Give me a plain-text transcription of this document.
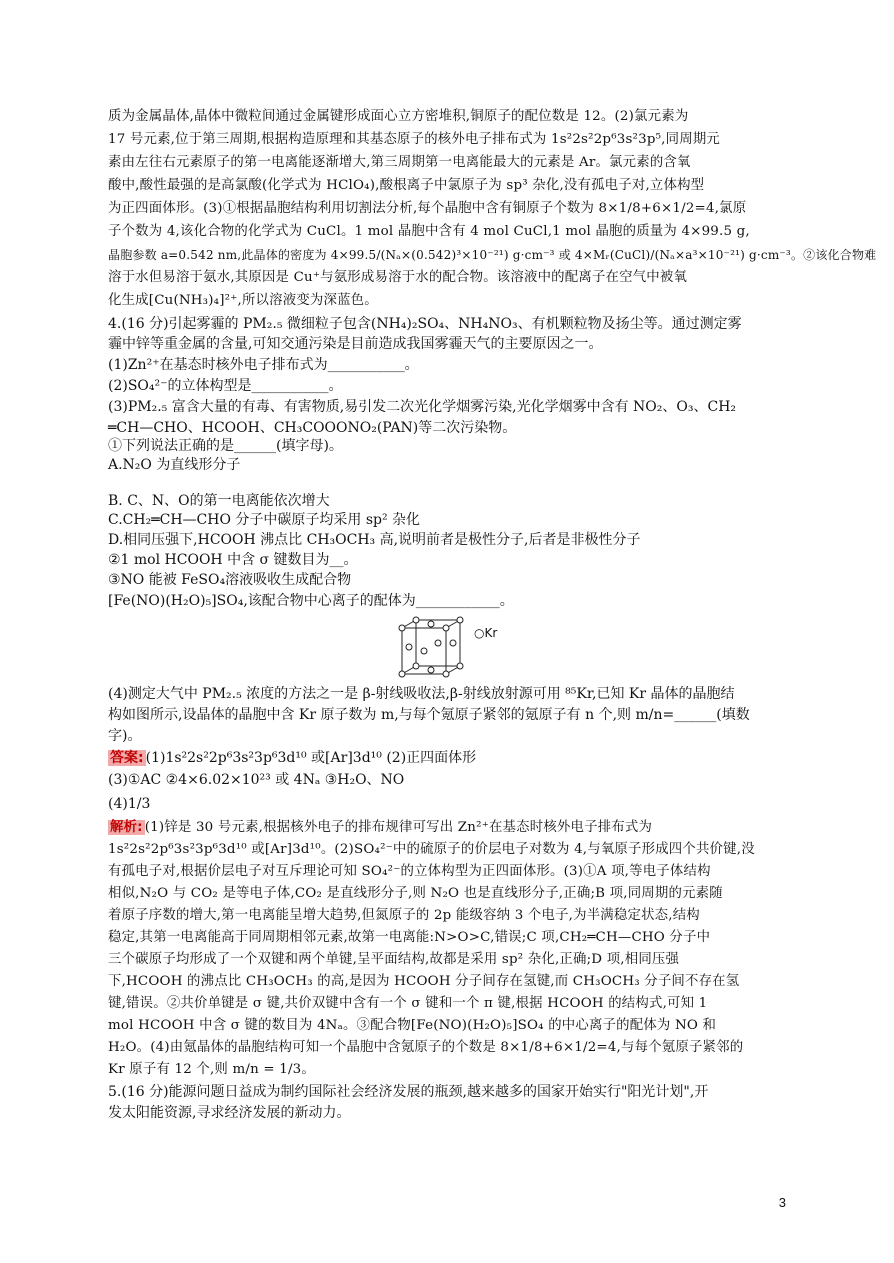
质为金属晶体,晶体中微粒间通过金属键形成面心立方密堆积,铜原子的配位数是 12。(2)氯元素为
17 号元素,位于第三周期,根据构造原理和其基态原子的核外电子排布式为 1s²2s²2p⁶3s²3p⁵,同周期元
素由左往右元素原子的第一电离能逐渐增大,第三周期第一电离能最大的元素是 Ar。氯元素的含氧
酸中,酸性最强的是高氯酸(化学式为 HClO₄),酸根离子中氯原子为 sp³ 杂化,没有孤电子对,立体构型
为正四面体形。(3)①根据晶胞结构利用切割法分析,每个晶胞中含有铜原子个数为 8×1/8+6×1/2=4,氯原
子个数为 4,该化合物的化学式为 CuCl。1 mol 晶胞中含有 4 mol CuCl,1 mol 晶胞的质量为 4×99.5 g,
晶胞参数 a=0.542 nm,此晶体的密度为 4×99.5/(Nₐ×(0.542)³×10⁻²¹) g·cm⁻³ 或 4×Mᵣ(CuCl)/(Nₐ×a³×10⁻²¹) g·cm⁻³。②该化合物难
溶于水但易溶于氨水,其原因是 Cu⁺与氨形成易溶于水的配合物。该溶液中的配离子在空气中被氧
化生成[Cu(NH₃)₄]²⁺,所以溶液变为深蓝色。
4.(16 分)引起雾霾的 PM₂.₅ 微细粒子包含(NH₄)₂SO₄、NH₄NO₃、有机颗粒物及扬尘等。通过测定雾
霾中锌等重金属的含量,可知交通污染是目前造成我国雾霾天气的主要原因之一。
(1)Zn²⁺在基态时核外电子排布式为___________。
(2)SO₄²⁻的立体构型是___________。
(3)PM₂.₅ 富含大量的有毒、有害物质,易引发二次光化学烟雾污染,光化学烟雾中含有 NO₂、O₃、CH₂
═CH—CHO、HCOOH、CH₃COOONO₂(PAN)等二次污染物。
①下列说法正确的是______(填字母)。
A.N₂O 为直线形分子
B. C、N、O的第一电离能依次增大
C.CH₂═CH—CHO 分子中碳原子均采用 sp² 杂化
D.相同压强下,HCOOH 沸点比 CH₃OCH₃ 高,说明前者是极性分子,后者是非极性分子
②1 mol HCOOH 中含 σ 键数目为__。
③NO 能被 FeSO₄溶液吸收生成配合物
[Fe(NO)(H₂O)₅]SO₄,该配合物中心离子的配体为____________。
○Kr
(4)测定大气中 PM₂.₅ 浓度的方法之一是 β-射线吸收法,β-射线放射源可用 ⁸⁵Kr,已知 Kr 晶体的晶胞结
构如图所示,设晶体的晶胞中含 Kr 原子数为 m,与每个氪原子紧邻的氪原子有 n 个,则 m/n=______(填数
字)。
答案: (1)1s²2s²2p⁶3s²3p⁶3d¹⁰ 或[Ar]3d¹⁰ (2)正四面体形
(3)①AC ②4×6.02×10²³ 或 4Nₐ ③H₂O、NO
(4)1/3
解析: (1)锌是 30 号元素,根据核外电子的排布规律可写出 Zn²⁺在基态时核外电子排布式为
1s²2s²2p⁶3s²3p⁶3d¹⁰ 或[Ar]3d¹⁰。(2)SO₄²⁻中的硫原子的价层电子对数为 4,与氧原子形成四个共价键,没
有孤电子对,根据价层电子对互斥理论可知 SO₄²⁻的立体构型为正四面体形。(3)①A 项,等电子体结构
相似,N₂O 与 CO₂ 是等电子体,CO₂ 是直线形分子,则 N₂O 也是直线形分子,正确;B 项,同周期的元素随
着原子序数的增大,第一电离能呈增大趋势,但氮原子的 2p 能级容纳 3 个电子,为半满稳定状态,结构
稳定,其第一电离能高于同周期相邻元素,故第一电离能:N>O>C,错误;C 项,CH₂═CH—CHO 分子中
三个碳原子均形成了一个双键和两个单键,呈平面结构,故都是采用 sp² 杂化,正确;D 项,相同压强
下,HCOOH 的沸点比 CH₃OCH₃ 的高,是因为 HCOOH 分子间存在氢键,而 CH₃OCH₃ 分子间不存在氢
键,错误。②共价单键是 σ 键,共价双键中含有一个 σ 键和一个 π 键,根据 HCOOH 的结构式,可知 1
mol HCOOH 中含 σ 键的数目为 4Nₐ。③配合物[Fe(NO)(H₂O)₅]SO₄ 的中心离子的配体为 NO 和
H₂O。(4)由氪晶体的晶胞结构可知一个晶胞中含氪原子的个数是 8×1/8+6×1/2=4,与每个氪原子紧邻的
Kr 原子有 12 个,则 m/n = 1/3。
5.(16 分)能源问题日益成为制约国际社会经济发展的瓶颈,越来越多的国家开始实行"阳光计划",开
发太阳能资源,寻求经济发展的新动力。
3
